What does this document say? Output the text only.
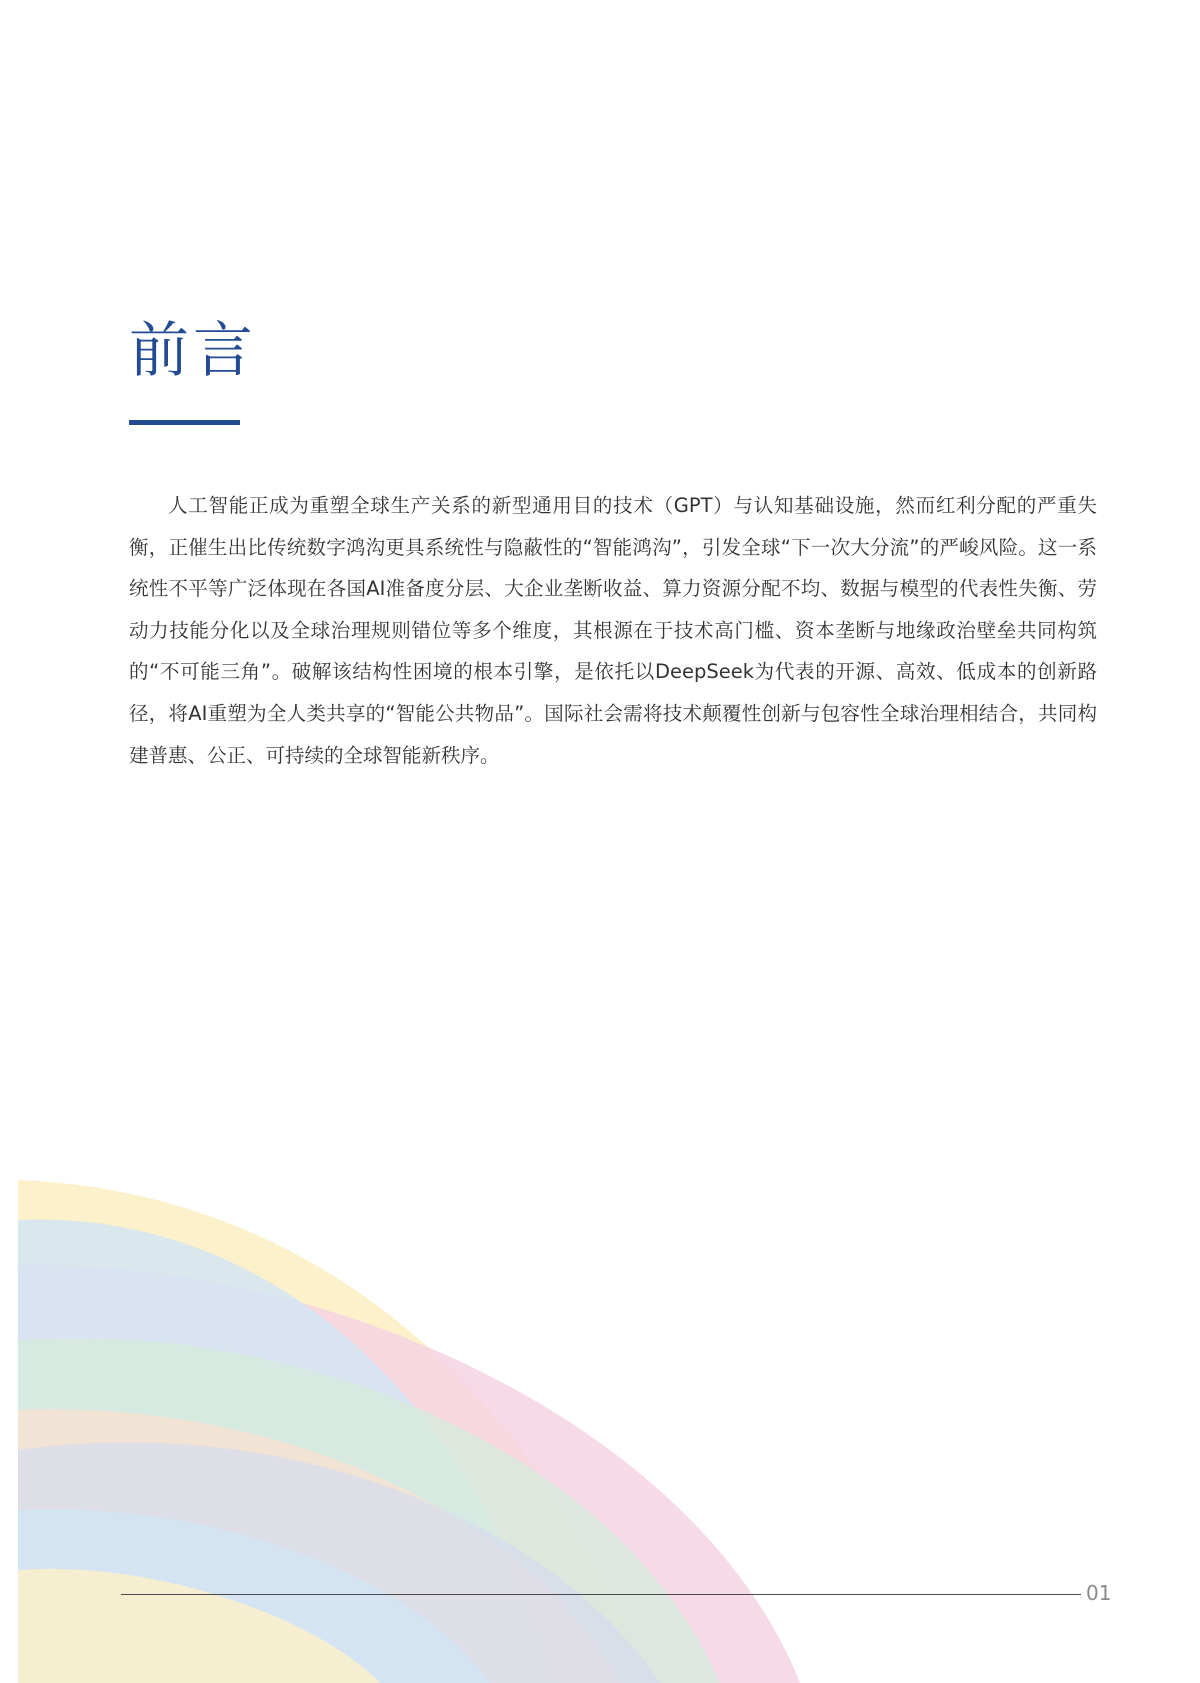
前言

人工智能正成为重塑全球生产关系的新型通用目的技术（GPT）与认知基础设施，然而红利分配的严重失衡，正催生出比传统数字鸿沟更具系统性与隐蔽性的“智能鸿沟”，引发全球“下一次大分流”的严峻风险。这一系统性不平等广泛体现在各国AI准备度分层、大企业垄断收益、算力资源分配不均、数据与模型的代表性失衡、劳动力技能分化以及全球治理规则错位等多个维度，其根源在于技术高门槛、资本垄断与地缘政治壁垒共同构筑的“不可能三角”。破解该结构性困境的根本引擎，是依托以DeepSeek为代表的开源、高效、低成本的创新路径，将AI重塑为全人类共享的“智能公共物品”。国际社会需将技术颠覆性创新与包容性全球治理相结合，共同构建普惠、公正、可持续的全球智能新秩序。

01
